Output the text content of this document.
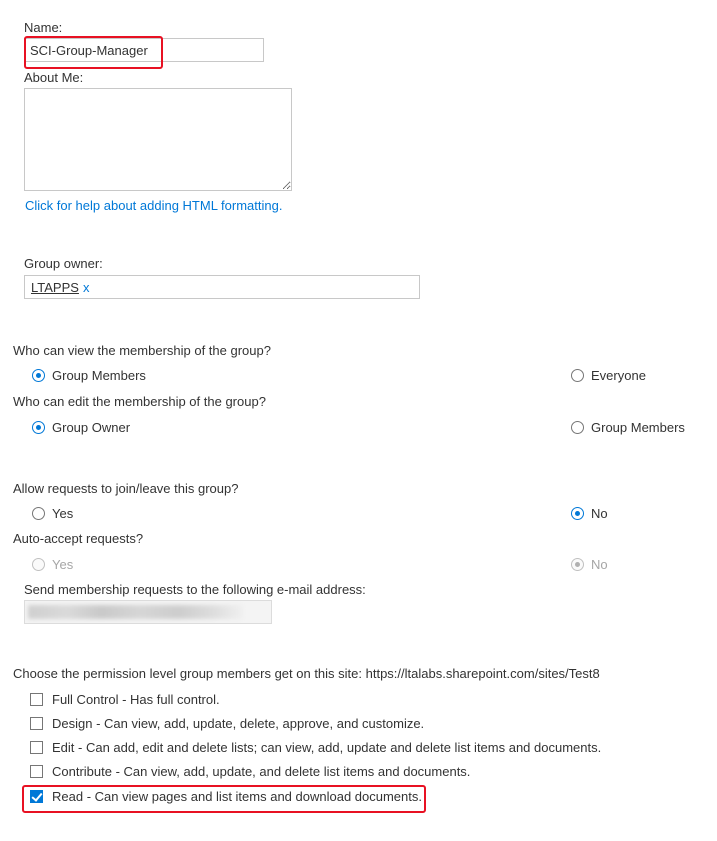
Name:
SCI-Group-Manager
About Me:
Click for help about adding HTML formatting.
Group owner:
LTAPPS x
Who can view the membership of the group?
Group Members	Everyone
Who can edit the membership of the group?
Group Owner	Group Members
Allow requests to join/leave this group?
Yes	No
Auto-accept requests?
Yes	No
Send membership requests to the following e-mail address:
Choose the permission level group members get on this site: https://ltalabs.sharepoint.com/sites/Test8
Full Control - Has full control.
Design - Can view, add, update, delete, approve, and customize.
Edit - Can add, edit and delete lists; can view, add, update and delete list items and documents.
Contribute - Can view, add, update, and delete list items and documents.
Read - Can view pages and list items and download documents.
